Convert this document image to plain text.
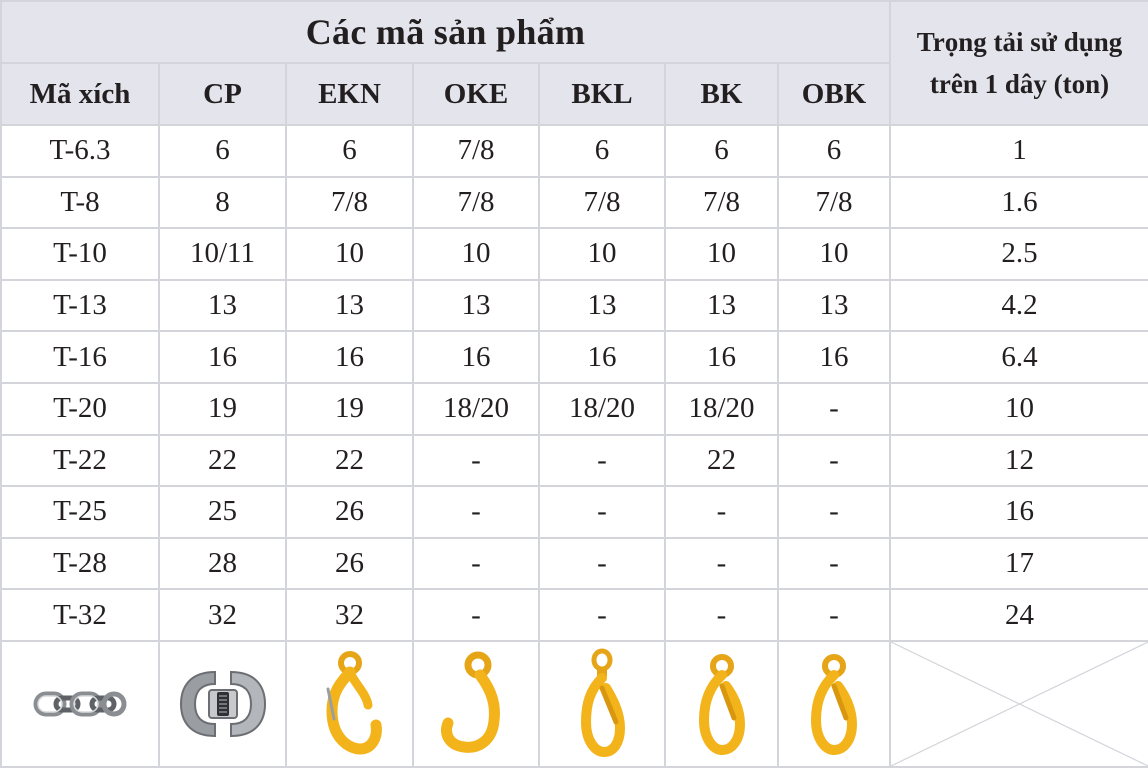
Các mã sản phẩm							Trọng tải sử dụng
trên 1 dây (ton)
Mã xích	CP	EKN	OKE	BKL	BK	OBK	
T-6.3	6	6	7/8	6	6	6	1
T-8	8	7/8	7/8	7/8	7/8	7/8	1.6
T-10	10/11	10	10	10	10	10	2.5
T-13	13	13	13	13	13	13	4.2
T-16	16	16	16	16	16	16	6.4
T-20	19	19	18/20	18/20	18/20	-	10
T-22	22	22	-	-	22	-	12
T-25	25	26	-	-	-	-	16
T-28	28	26	-	-	-	-	17
T-32	32	32	-	-	-	-	24
